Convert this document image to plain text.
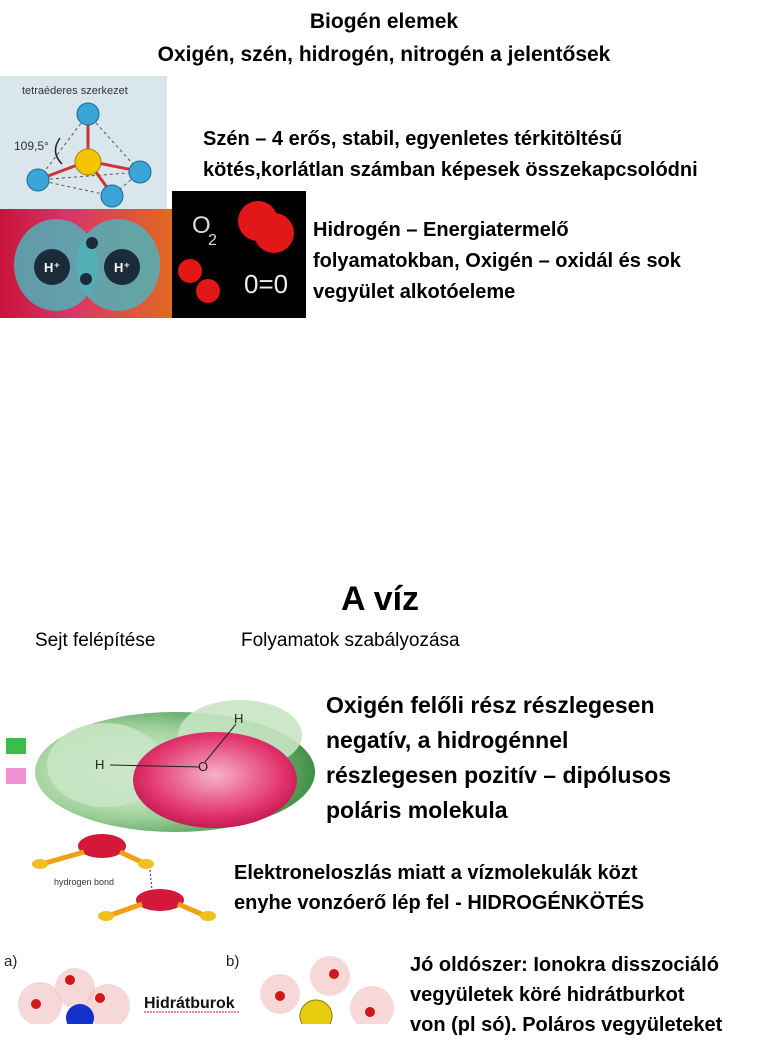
Biogén elemek
Oxigén, szén, hidrogén, nitrogén a jelentősek
tetraéderes szerkezet
109,5°	Szén – 4 erős, stabil, egyenletes térkitöltésű
kötés,korlátlan számban képesek összekapcsolódni
H⁺	H⁺
O
2
0=0
Hidrogén – Energiatermelő
folyamatokban, Oxigén – oxidál és sok
vegyület alkotóeleme
A víz
Sejt felépítése	Folyamatok szabályozása
H
H
O
Oxigén felőli rész részlegesen
negatív, a hidrogénnel
részlegesen pozitív – dipólusos
poláris molekula
hydrogen bond	Elektroneloszlás miatt a vízmolekulák közt
enyhe vonzóerő lép fel - HIDROGÉNKÖTÉS
a)	b)
Hidrátburok
Jó oldószer: Ionokra disszociáló
vegyületek köré hidrátburkot
von (pl só). Poláros vegyületeket
